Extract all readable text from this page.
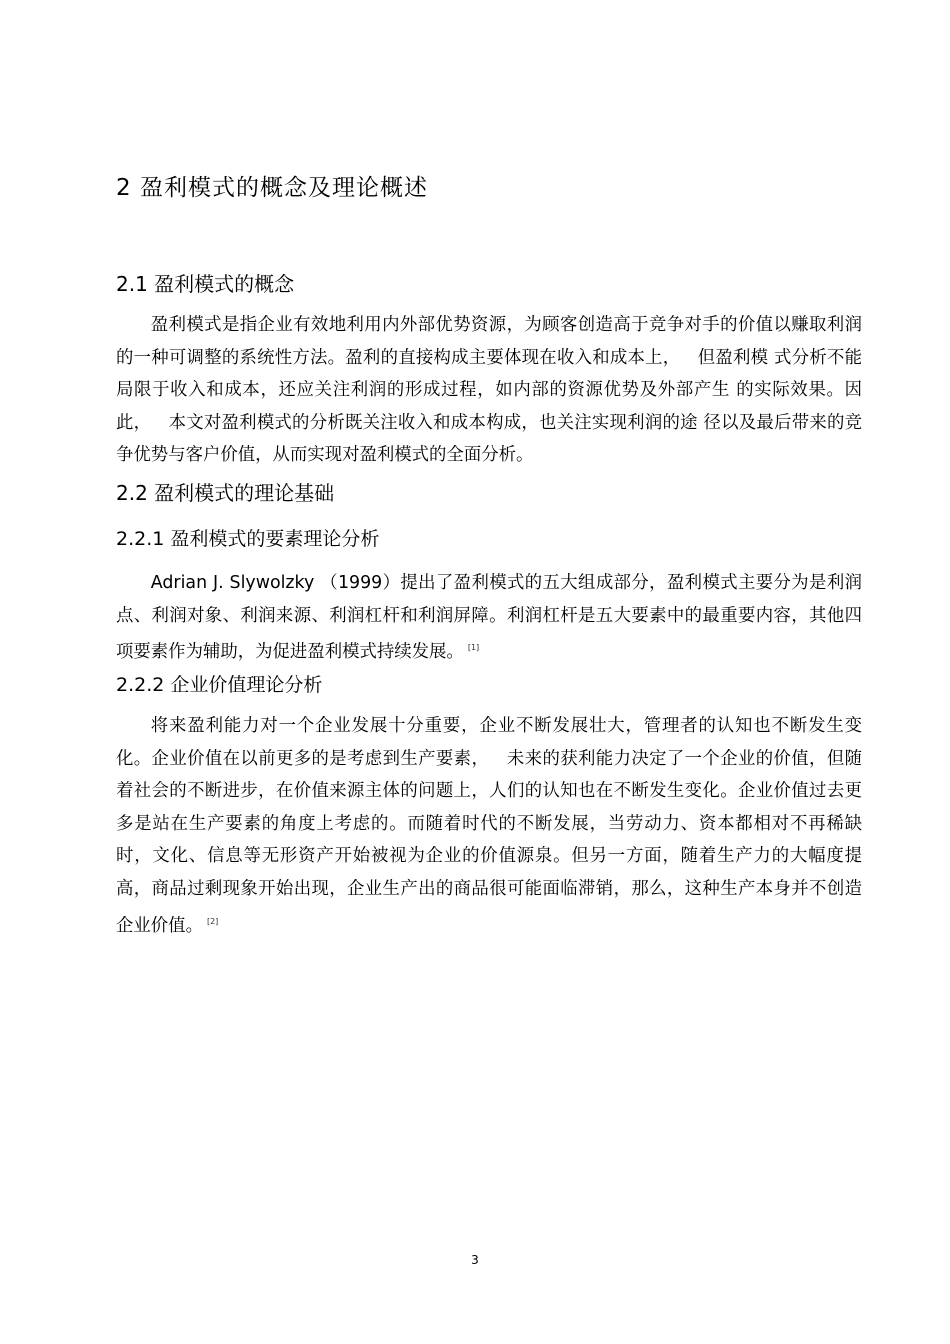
2 盈利模式的概念及理论概述
2.1 盈利模式的概念

盈利模式是指企业有效地利用内外部优势资源，为顾客创造高于竞争对手的价值以赚取利润的一种可调整的系统性方法。盈利的直接构成主要体现在收入和成本上，   但盈利模 式分析不能局限于收入和成本，还应关注利润的形成过程，如内部的资源优势及外部产生 的实际效果。因此，   本文对盈利模式的分析既关注收入和成本构成，也关注实现利润的途 径以及最后带来的竞争优势与客户价值，从而实现对盈利模式的全面分析。

2.2 盈利模式的理论基础
2.2.1 盈利模式的要素理论分析

Adrian J. Slywolzky （1999）提出了盈利模式的五大组成部分，盈利模式主要分为是利润点、利润对象、利润来源、利润杠杆和利润屏障。利润杠杆是五大要素中的最重要内容，其他四项要素作为辅助，为促进盈利模式持续发展。 [1]

2.2.2 企业价值理论分析

将来盈利能力对一个企业发展十分重要，企业不断发展壮大，管理者的认知也不断发生变化。企业价值在以前更多的是考虑到生产要素，   未来的获利能力决定了一个企业的价值，但随着社会的不断进步，在价值来源主体的问题上，人们的认知也在不断发生变化。企业价值过去更多是站在生产要素的角度上考虑的。而随着时代的不断发展，当劳动力、资本都相对不再稀缺时，文化、信息等无形资产开始被视为企业的价值源泉。但另一方面，随着生产力的大幅度提高，商品过剩现象开始出现，企业生产出的商品很可能面临滞销，那么，这种生产本身并不创造企业价值。 [2]

3
